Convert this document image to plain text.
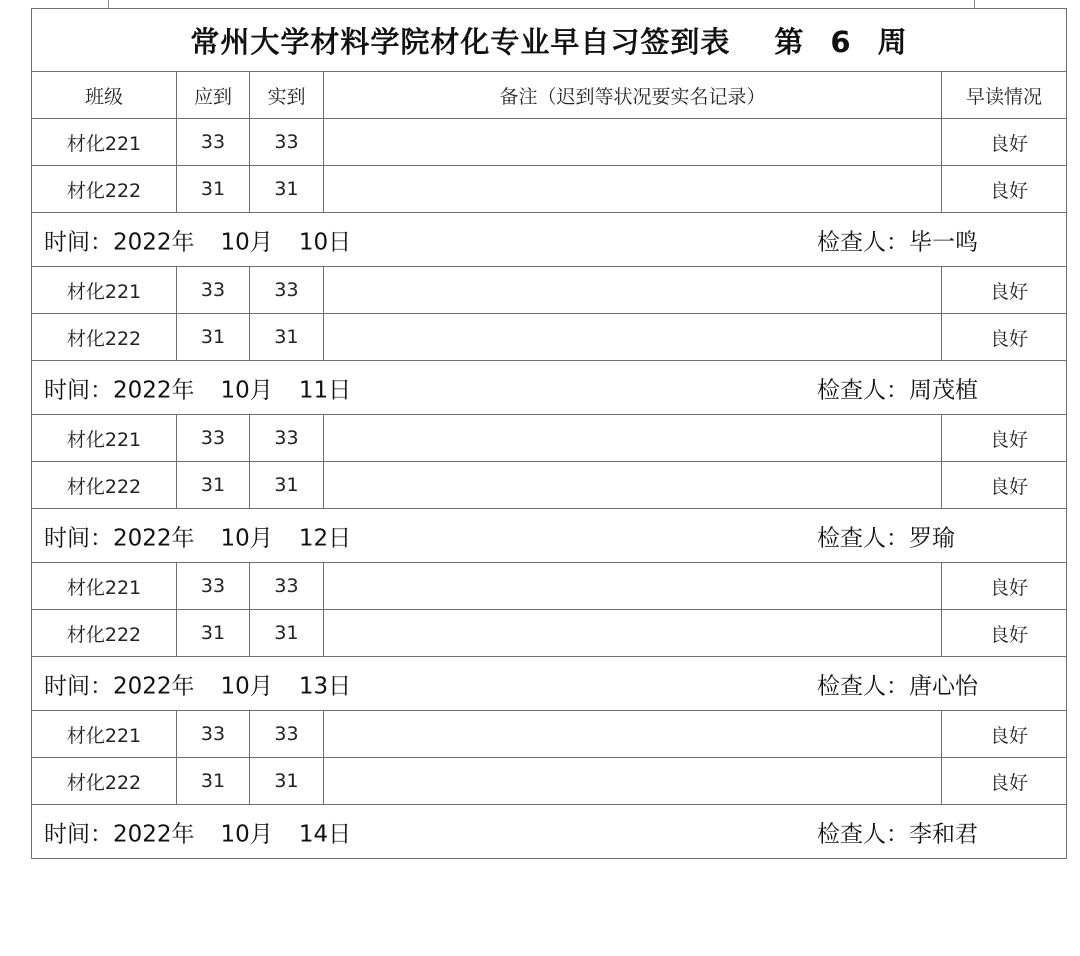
常州大学材料学院材化专业早自习签到表 第 6 周				
班级	应到	实到	备注（迟到等状况要实名记录）	早读情况
材化221	33	33		良好
材化222	31	31		良好

时间：2022年 10月 10日 检查人：毕一鸣				

材化221	33	33		良好
材化222	31	31		良好

时间：2022年 10月 11日 检查人：周茂植				

材化221	33	33		良好
材化222	31	31		良好

时间：2022年 10月 12日 检查人：罗瑜				

材化221	33	33		良好
材化222	31	31		良好

时间：2022年 10月 13日 检查人：唐心怡				

材化221	33	33		良好
材化222	31	31		良好

时间：2022年 10月 14日 检查人：李和君				
